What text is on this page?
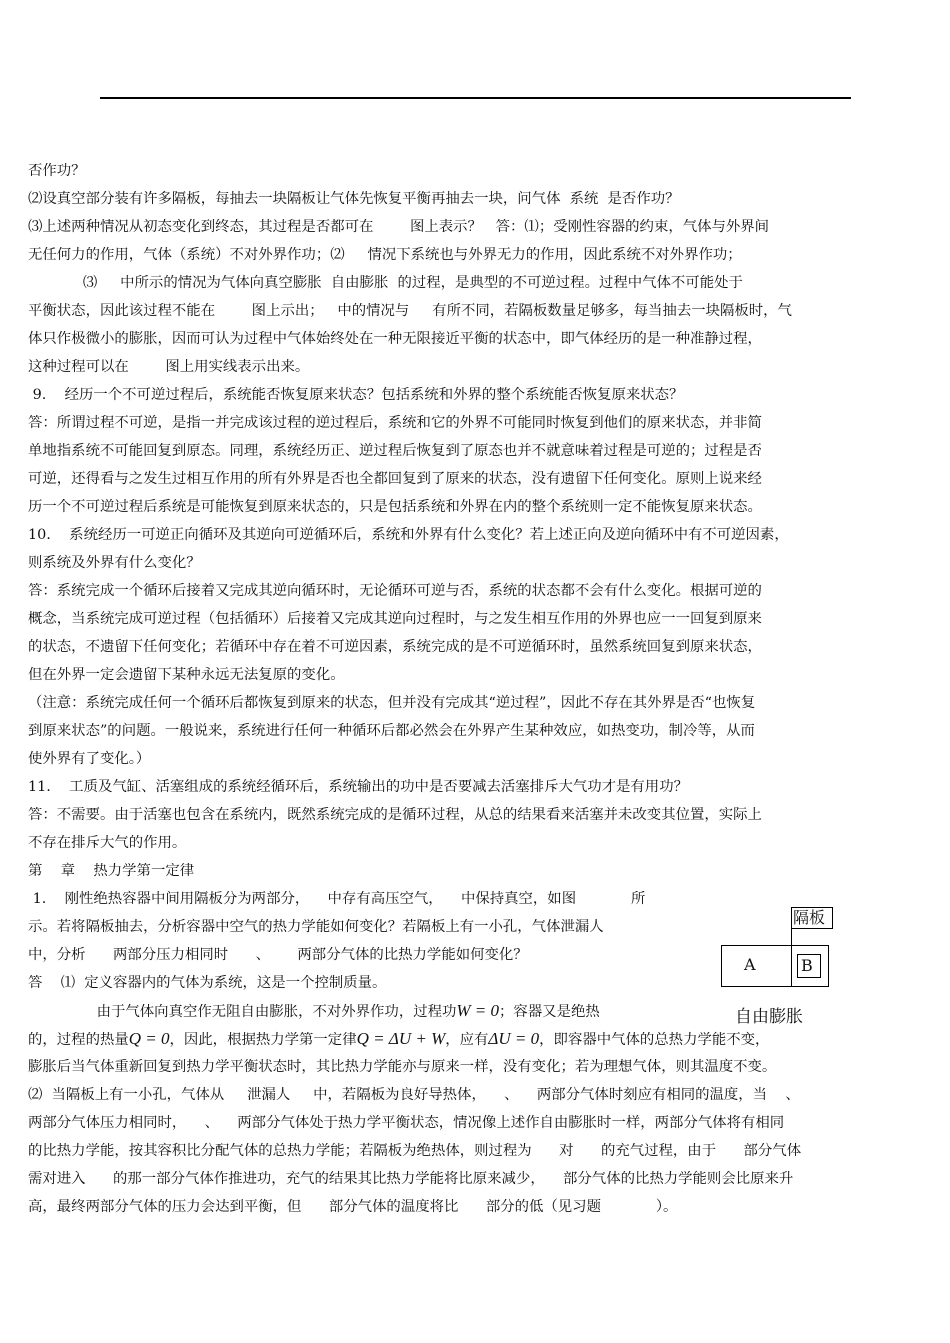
否作功？
⑵设真空部分装有许多隔板，每抽去一块隔板让气体先恢复平衡再抽去一块，问气体  系统  是否作功？
⑶上述两种情况从初态变化到终态，其过程是否都可在        图上表示？   答：⑴；受刚性容器的约束，气体与外界间
无任何力的作用，气体（系统）不对外界作功；⑵     情况下系统也与外界无力的作用，因此系统不对外界作功；
⑶     中所示的情况为气体向真空膨胀  自由膨胀  的过程，是典型的不可逆过程。过程中气体不可能处于
平衡状态，因此该过程不能在        图上示出；   中的情况与     有所不同，若隔板数量足够多，每当抽去一块隔板时，气
体只作极微小的膨胀，因而可认为过程中气体始终处在一种无限接近平衡的状态中，即气体经历的是一种准静过程，
这种过程可以在        图上用实线表示出来。
9.    经历一个不可逆过程后，系统能否恢复原来状态？包括系统和外界的整个系统能否恢复原来状态？
答：所谓过程不可逆，是指一并完成该过程的逆过程后，系统和它的外界不可能同时恢复到他们的原来状态，并非简
单地指系统不可能回复到原态。同理，系统经历正、逆过程后恢复到了原态也并不就意味着过程是可逆的；过程是否
可逆，还得看与之发生过相互作用的所有外界是否也全都回复到了原来的状态，没有遗留下任何变化。原则上说来经
历一个不可逆过程后系统是可能恢复到原来状态的，只是包括系统和外界在内的整个系统则一定不能恢复原来状态。
10.    系统经历一可逆正向循环及其逆向可逆循环后，系统和外界有什么变化？若上述正向及逆向循环中有不可逆因素，
则系统及外界有什么变化？
答：系统完成一个循环后接着又完成其逆向循环时，无论循环可逆与否，系统的状态都不会有什么变化。根据可逆的
概念，当系统完成可逆过程（包括循环）后接着又完成其逆向过程时，与之发生相互作用的外界也应一一回复到原来
的状态，不遗留下任何变化；若循环中存在着不可逆因素，系统完成的是不可逆循环时，虽然系统回复到原来状态，
但在外界一定会遗留下某种永远无法复原的变化。
（注意：系统完成任何一个循环后都恢复到原来的状态，但并没有完成其“逆过程”，因此不存在其外界是否“也恢复
到原来状态”的问题。一般说来，系统进行任何一种循环后都必然会在外界产生某种效应，如热变功，制冷等，从而
使外界有了变化。）
11.    工质及气缸、活塞组成的系统经循环后，系统输出的功中是否要减去活塞排斥大气功才是有用功？
答：不需要。由于活塞也包含在系统内，既然系统完成的是循环过程，从总的结果看来活塞并未改变其位置，实际上
不存在排斥大气的作用。
第    章    热力学第一定律
1.    刚性绝热容器中间用隔板分为两部分，    中存有高压空气，    中保持真空，如图            所
示。若将隔板抽去，分析容器中空气的热力学能如何变化？若隔板上有一小孔，气体泄漏人
中，分析      两部分压力相同时      、      两部分气体的比热力学能如何变化？
答    ⑴  定义容器内的气体为系统，这是一个控制质量。
由于气体向真空作无阻自由膨胀，不对外界作功，过程功W = 0；容器又是绝热
的，过程的热量Q = 0，因此，根据热力学第一定律Q = ΔU + W，应有ΔU = 0，即容器中气体的总热力学能不变，
膨胀后当气体重新回复到热力学平衡状态时，其比热力学能亦与原来一样，没有变化；若为理想气体，则其温度不变。
⑵  当隔板上有一小孔，气体从     泄漏人     中，若隔板为良好导热体，    、    两部分气体时刻应有相同的温度，当    、
两部分气体压力相同时，    、    两部分气体处于热力学平衡状态，情况像上述作自由膨胀时一样，两部分气体将有相同
的比热力学能，按其容积比分配气体的总热力学能；若隔板为绝热体，则过程为      对      的充气过程，由于      部分气体
需对进入      的那一部分气体作推进功，充气的结果其比热力学能将比原来减少，    部分气体的比热力学能则会比原来升
高，最终两部分气体的压力会达到平衡，但      部分气体的温度将比      部分的低（见习题            ）。
隔板
A	B
自由膨胀
